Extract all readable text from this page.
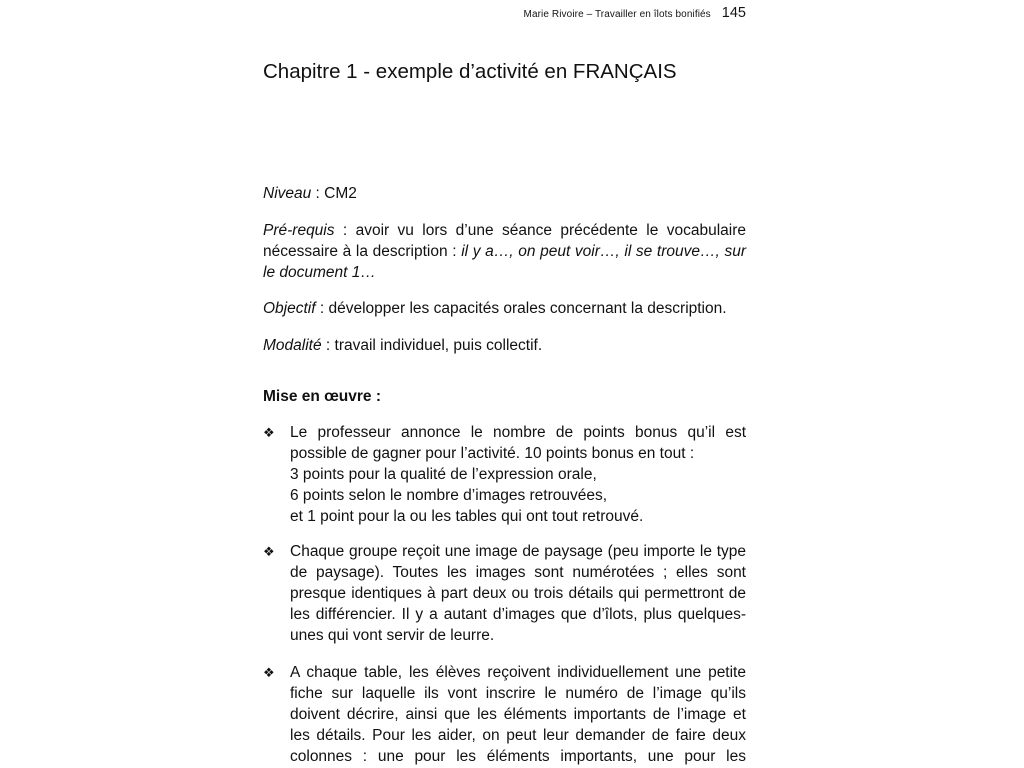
Marie Rivoire – Travailler en îlots bonifiés 145
Chapitre 1 - exemple d’activité en FRANÇAIS

Niveau : CM2

Pré-requis : avoir vu lors d’une séance précédente le vocabulaire nécessaire à la description : il y a…, on peut voir…, il se trouve…, sur le document 1…

Objectif : développer les capacités orales concernant la description.

Modalité : travail individuel, puis collectif.

Mise en œuvre :

❖ Le professeur annonce le nombre de points bonus qu’il est possible de gagner pour l’activité. 10 points bonus en tout :
3 points pour la qualité de l’expression orale,
6 points selon le nombre d’images retrouvées,
et 1 point pour la ou les tables qui ont tout retrouvé.

❖ Chaque groupe reçoit une image de paysage (peu importe le type de paysage). Toutes les images sont numérotées ; elles sont presque identiques à part deux ou trois détails qui permettront de les différencier. Il y a autant d’images que d’îlots, plus quelques-unes qui vont servir de leurre.

❖ A chaque table, les élèves reçoivent individuellement une petite fiche sur laquelle ils vont inscrire le numéro de l’image qu’ils doivent décrire, ainsi que les éléments importants de l’image et les détails. Pour les aider, on peut leur demander de faire deux colonnes : une pour les éléments importants, une pour les
